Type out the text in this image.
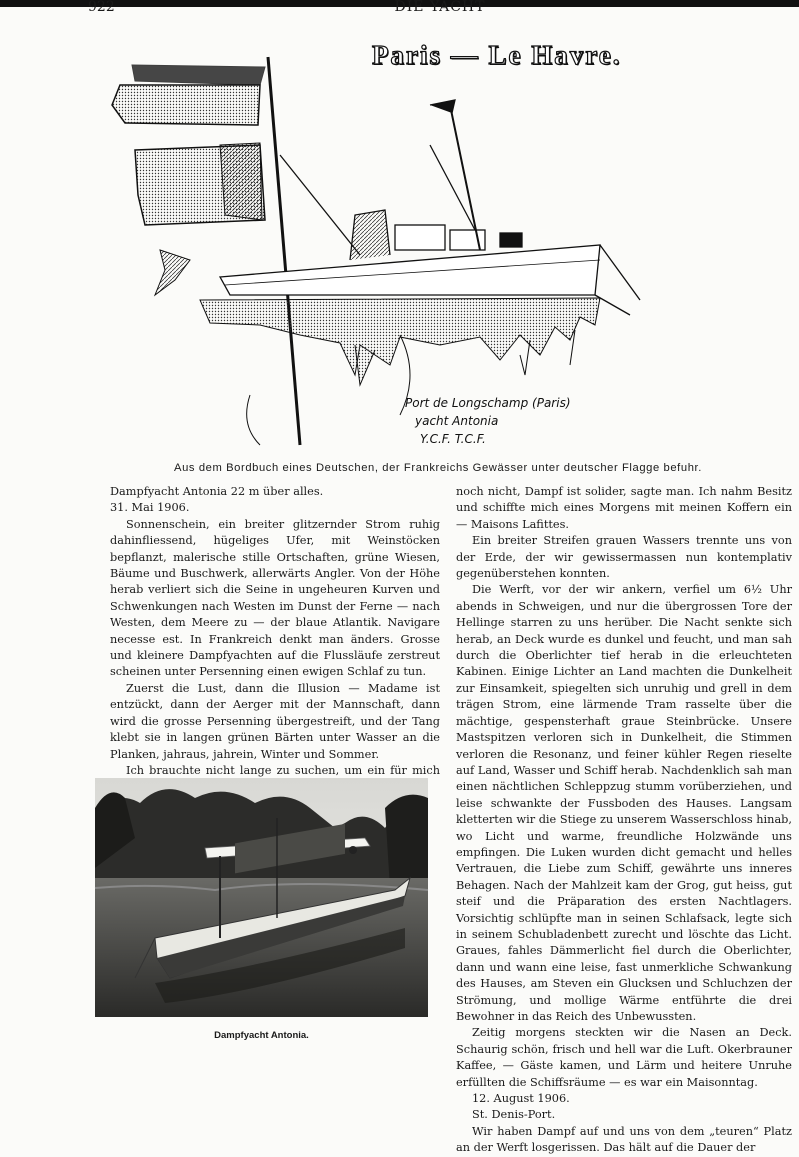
922	DIE YACHT
Paris — Le Havre.
Port de Longschamp (Paris)
yacht Antonia
Y.C.F. T.C.F.
Aus dem Bordbuch eines Deutschen, der Frankreichs Gewässer unter deutscher Flagge befuhr.

Dampfyacht Antonia 22 m über alles.

31. Mai 1906.

Sonnenschein, ein breiter glitzernder Strom ruhig dahinfliessend, hügeliges Ufer, mit Weinstöcken bepflanzt, malerische stille Ortschaften, grüne Wiesen, Bäume und Buschwerk, allerwärts Angler. Von der Höhe herab verliert sich die Seine in ungeheuren Kurven und Schwenkungen nach Westen im Dunst der Ferne — nach Westen, dem Meere zu — der blaue Atlantik. Navigare necesse est. In Frankreich denkt man änders. Grosse und kleinere Dampfyachten auf die Flussläufe zerstreut scheinen unter Persenning einen ewigen Schlaf zu tun.

Zuerst die Lust, dann die Illusion — Madame ist entzückt, dann der Aerger mit der Mannschaft, dann wird die grosse Persenning übergestreift, und der Tang klebt sie in langen grünen Bärten unter Wasser an die Planken, jahraus, jahrein, Winter und Sommer.

Ich brauchte nicht lange zu suchen, um ein für mich

Dampfyacht Antonia.

noch nicht, Dampf ist solider, sagte man. Ich nahm Besitz und schiffte mich eines Morgens mit meinen Koffern ein — Maisons Lafittes.

Ein breiter Streifen grauen Wassers trennte uns von der Erde, der wir gewissermassen nun kontemplativ gegenüberstehen konnten.

Die Werft, vor der wir ankern, verfiel um 6½ Uhr abends in Schweigen, und nur die übergrossen Tore der Hellinge starren zu uns herüber. Die Nacht senkte sich herab, an Deck wurde es dunkel und feucht, und man sah durch die Oberlichter tief herab in die erleuchteten Kabinen. Einige Lichter an Land machten die Dunkelheit zur Einsamkeit, spiegelten sich unruhig und grell in dem trägen Strom, eine lärmende Tram rasselte über die mächtige, gespensterhaft graue Steinbrücke. Unsere Mastspitzen verloren sich in Dunkelheit, die Stimmen verloren die Resonanz, und feiner kühler Regen rieselte auf Land, Wasser und Schiff herab. Nachdenklich sah man einen nächtlichen Schleppzug stumm vorüberziehen, und leise schwankte der Fussboden des Hauses. Langsam kletterten wir die Stiege zu unserem Wasserschloss hinab, wo Licht und warme, freundliche Holzwände uns empfingen. Die Luken wurden dicht gemacht und helles Vertrauen, die Liebe zum Schiff, gewährte uns inneres Behagen. Nach der Mahlzeit kam der Grog, gut heiss, gut steif und die Präparation des ersten Nachtlagers. Vorsichtig schlüpfte man in seinen Schlafsack, legte sich in seinem Schubladenbett zurecht und löschte das Licht. Graues, fahles Dämmerlicht fiel durch die Oberlichter, dann und wann eine leise, fast unmerkliche Schwankung des Hauses, am Steven ein Glucksen und Schluchzen der Strömung, und mollige Wärme entführte die drei Bewohner in das Reich des Unbewussten.

Zeitig morgens steckten wir die Nasen an Deck. Schaurig schön, frisch und hell war die Luft. Okerbrauner Kaffee, — Gäste kamen, und Lärm und heitere Unruhe erfüllten die Schiffsräume — es war ein Maisonntag.

12. August 1906.

St. Denis-Port.

Wir haben Dampf auf und uns von dem „teuren“ Platz an der Werft losgerissen. Das hält auf die Dauer der
